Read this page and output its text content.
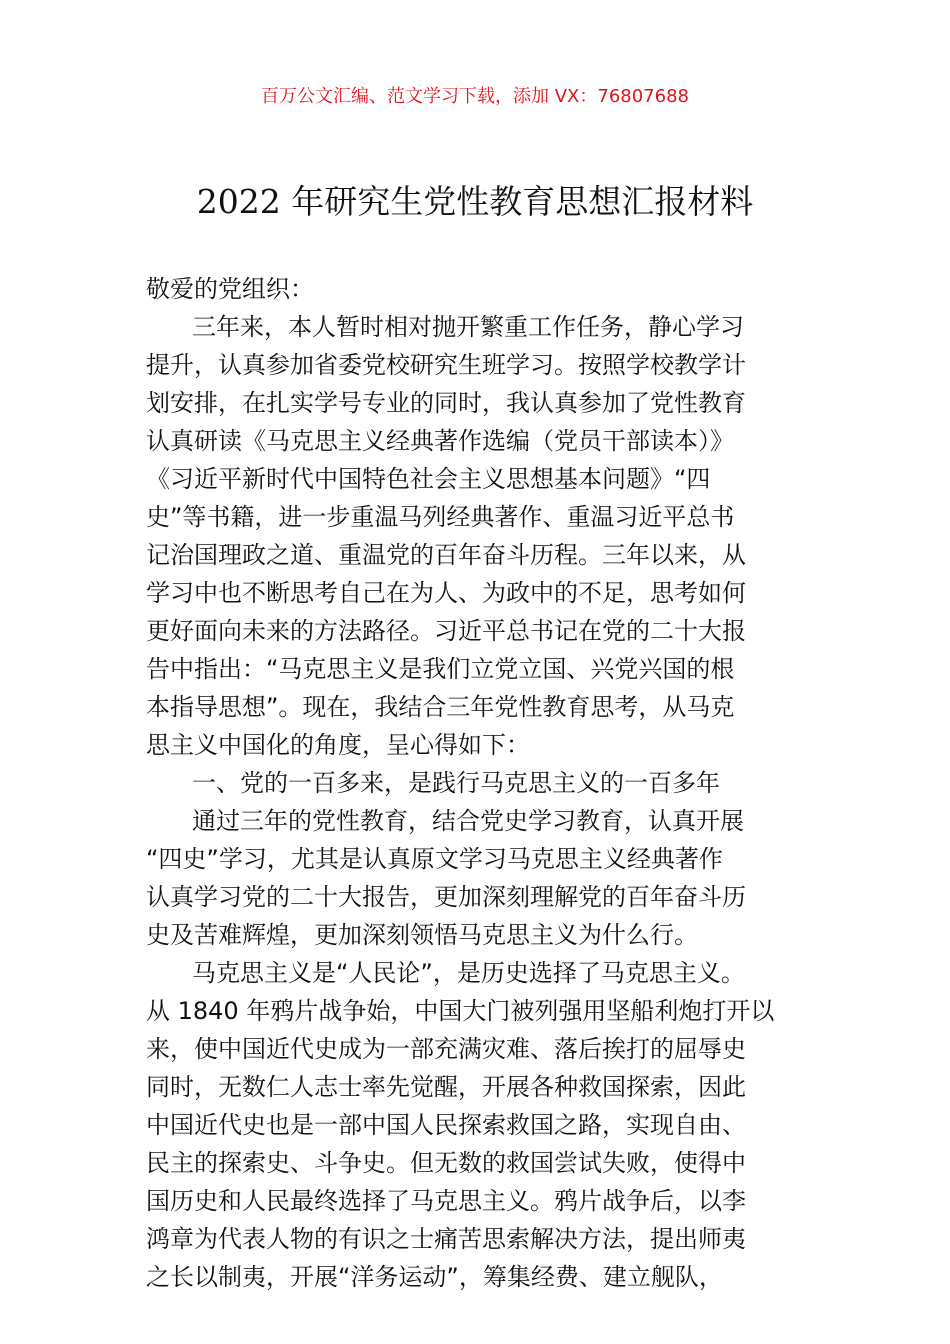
百万公文汇编、范文学习下载，添加 VX：76807688
2022 年研究生党性教育思想汇报材料
敬爱的党组织：
三年来，本人暂时相对抛开繁重工作任务，静心学习
提升，认真参加省委党校研究生班学习。按照学校教学计
划安排，在扎实学号专业的同时，我认真参加了党性教育
认真研读《马克思主义经典著作选编（党员干部读本）》
《习近平新时代中国特色社会主义思想基本问题》“四
史”等书籍，进一步重温马列经典著作、重温习近平总书
记治国理政之道、重温党的百年奋斗历程。三年以来，从
学习中也不断思考自己在为人、为政中的不足，思考如何
更好面向未来的方法路径。习近平总书记在党的二十大报
告中指出：“马克思主义是我们立党立国、兴党兴国的根
本指导思想”。现在，我结合三年党性教育思考，从马克
思主义中国化的角度，呈心得如下：
一、党的一百多来，是践行马克思主义的一百多年
通过三年的党性教育，结合党史学习教育，认真开展
“四史”学习，尤其是认真原文学习马克思主义经典著作
认真学习党的二十大报告，更加深刻理解党的百年奋斗历
史及苦难辉煌，更加深刻领悟马克思主义为什么行。
马克思主义是“人民论”，是历史选择了马克思主义。
从 1840 年鸦片战争始，中国大门被列强用坚船利炮打开以
来，使中国近代史成为一部充满灾难、落后挨打的屈辱史
同时，无数仁人志士率先觉醒，开展各种救国探索，因此
中国近代史也是一部中国人民探索救国之路，实现自由、
民主的探索史、斗争史。但无数的救国尝试失败，使得中
国历史和人民最终选择了马克思主义。鸦片战争后，以李
鸿章为代表人物的有识之士痛苦思索解决方法，提出师夷
之长以制夷，开展“洋务运动”，筹集经费、建立舰队，
